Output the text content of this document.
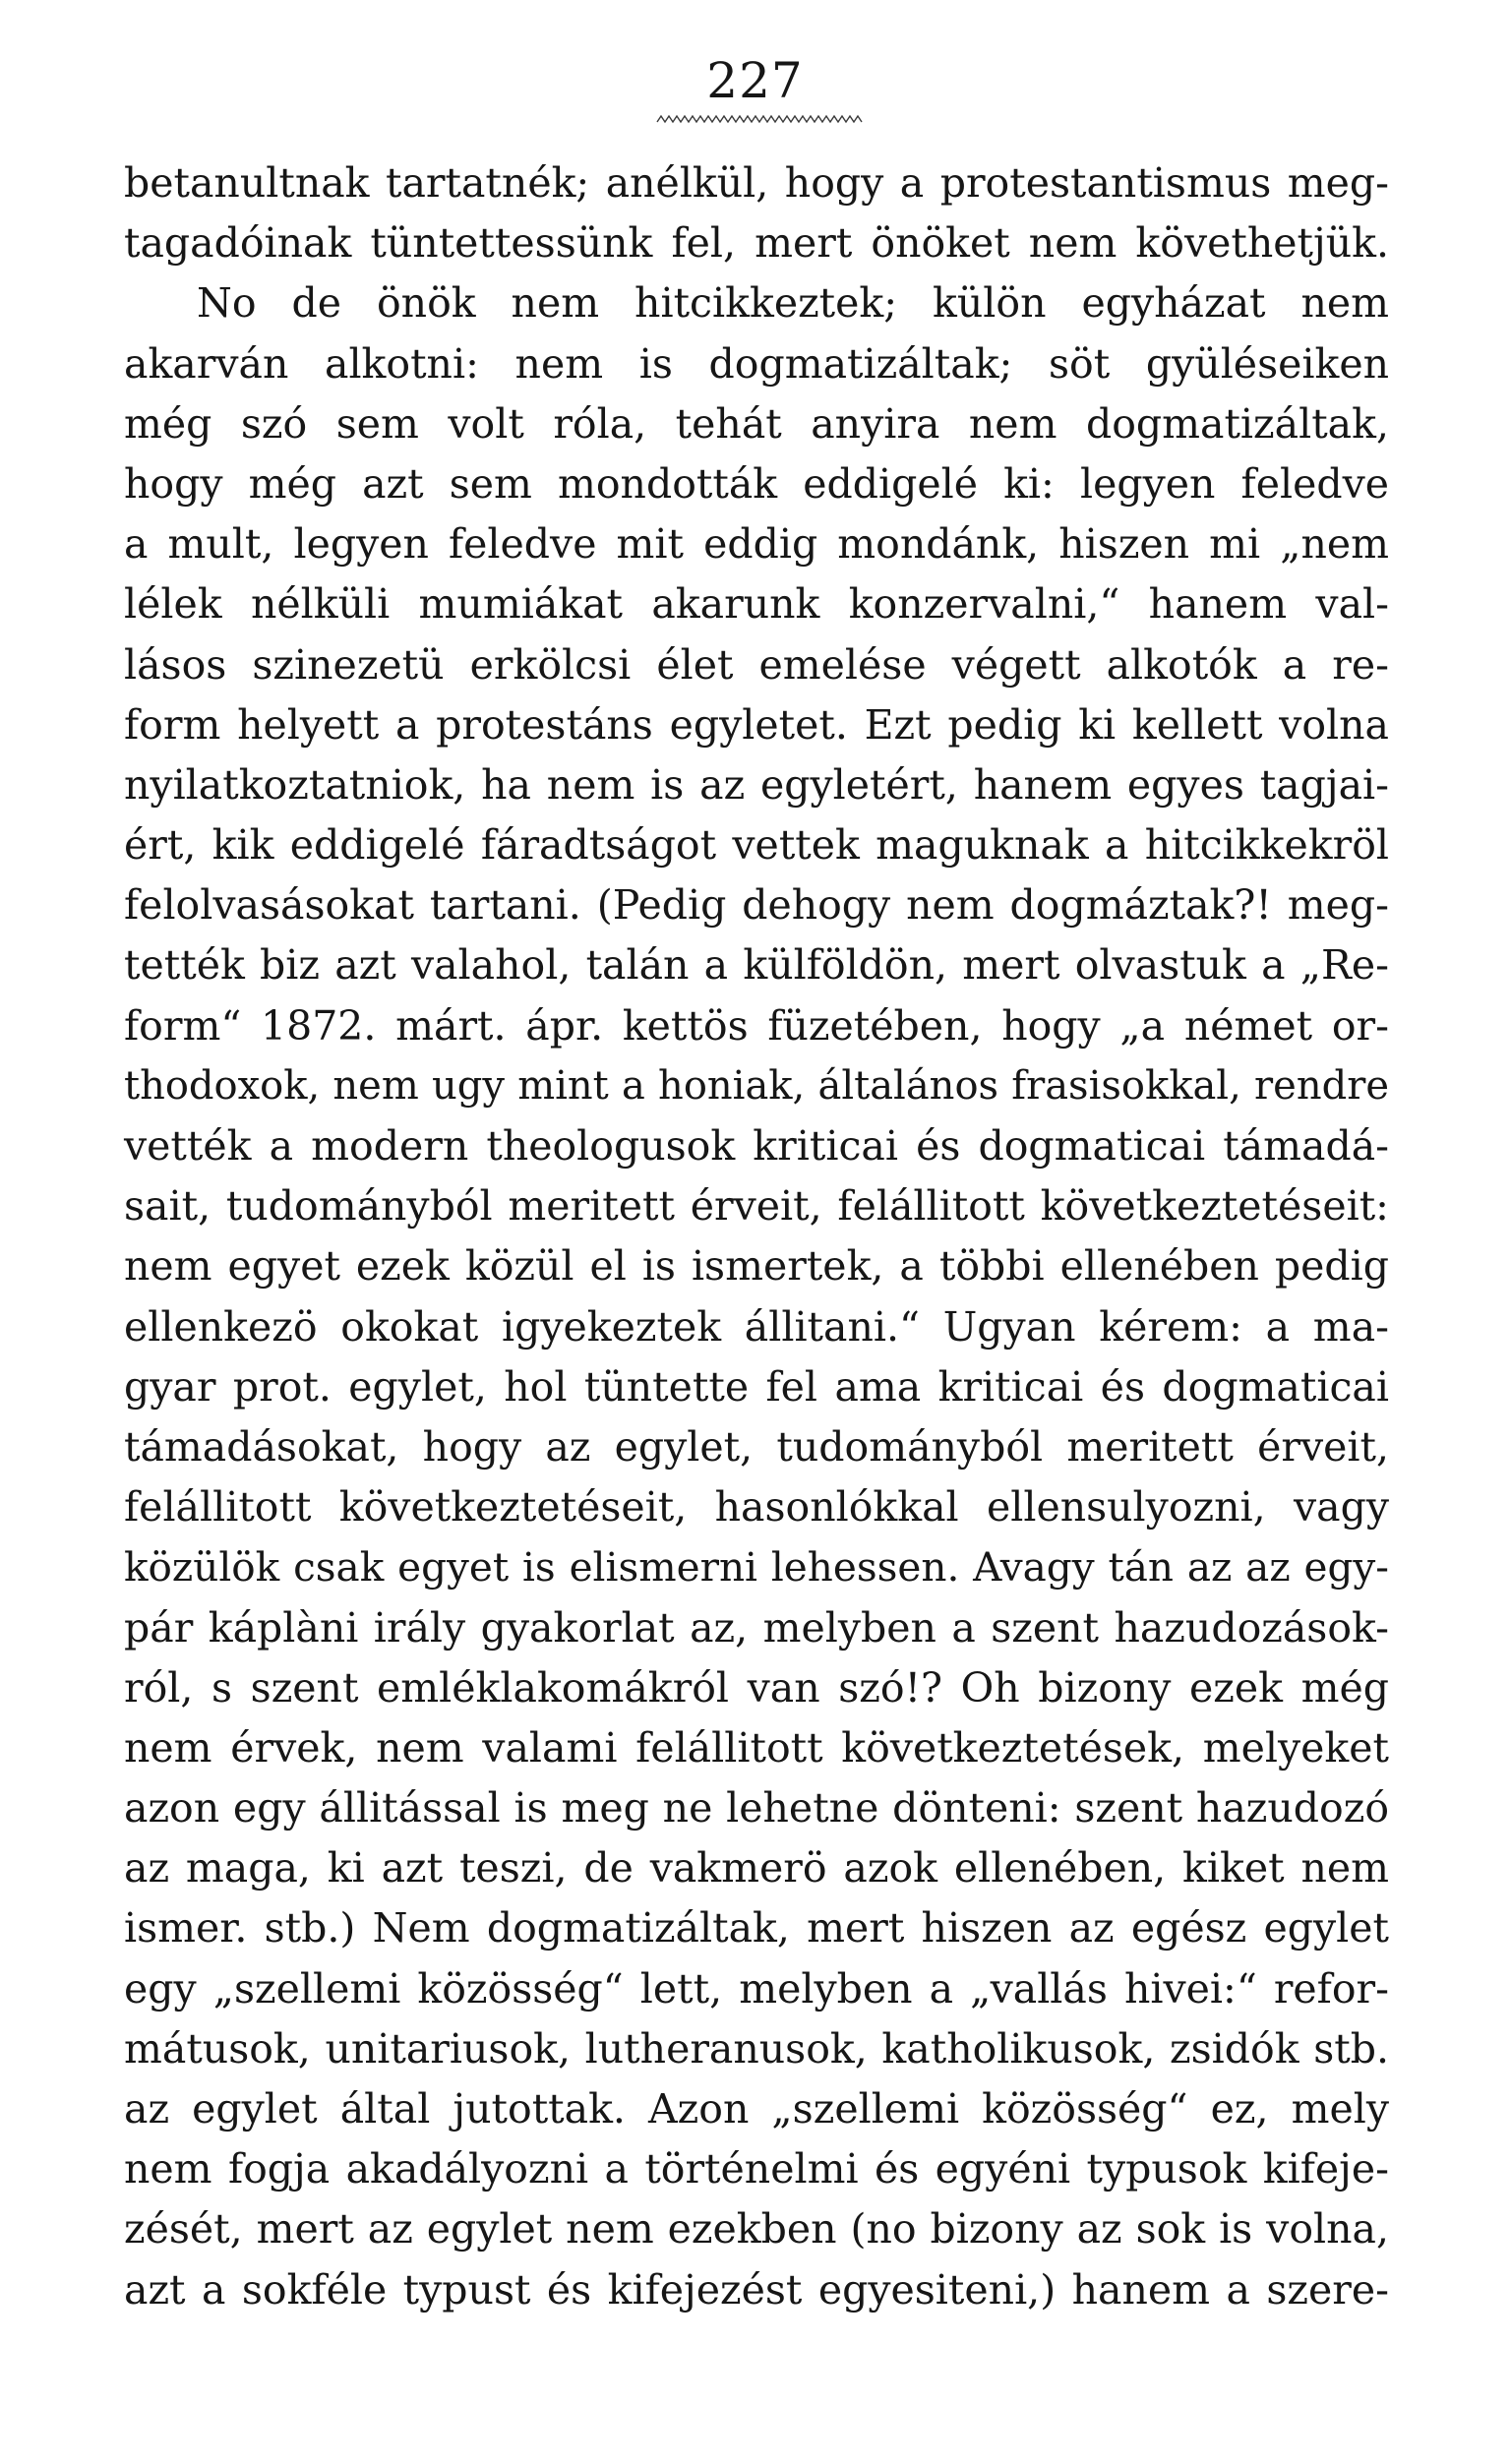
227
betanultnak tartatnék; anélkül, hogy a protestantismus meg-
tagadóinak tüntettessünk fel, mert önöket nem követhetjük.
No de önök nem hitcikkeztek; külön egyházat nem
akarván alkotni: nem is dogmatizáltak; söt gyüléseiken
még szó sem volt róla, tehát anyira nem dogmatizáltak,
hogy még azt sem mondották eddigelé ki: legyen feledve
a mult, legyen feledve mit eddig mondánk, hiszen mi „nem
lélek nélküli mumiákat akarunk konzervalni,“ hanem val-
lásos szinezetü erkölcsi élet emelése végett alkotók a re-
form helyett a protestáns egyletet. Ezt pedig ki kellett volna
nyilatkoztatniok, ha nem is az egyletért, hanem egyes tagjai-
ért, kik eddigelé fáradtságot vettek maguknak a hitcikkekröl
felolvasásokat tartani. (Pedig dehogy nem dogmáztak?! meg-
tették biz azt valahol, talán a külföldön, mert olvastuk a „Re-
form“ 1872. márt. ápr. kettös füzetében, hogy „a német or-
thodoxok, nem ugy mint a honiak, általános frasisokkal, rendre
vették a modern theologusok kriticai és dogmaticai támadá-
sait, tudományból meritett érveit, felállitott következtetéseit:
nem egyet ezek közül el is ismertek, a többi ellenében pedig
ellenkezö okokat igyekeztek állitani.“ Ugyan kérem: a ma-
gyar prot. egylet, hol tüntette fel ama kriticai és dogmaticai
támadásokat, hogy az egylet, tudományból meritett érveit,
felállitott következtetéseit, hasonlókkal ellensulyozni, vagy
közülök csak egyet is elismerni lehessen. Avagy tán az az egy-
pár káplàni irály gyakorlat az, melyben a szent hazudozások-
ról, s szent emléklakomákról van szó!? Oh bizony ezek még
nem érvek, nem valami felállitott következtetések, melyeket
azon egy állitással is meg ne lehetne dönteni: szent hazudozó
az maga, ki azt teszi, de vakmerö azok ellenében, kiket nem
ismer. stb.) Nem dogmatizáltak, mert hiszen az egész egylet
egy „szellemi közösség“ lett, melyben a „vallás hivei:“ refor-
mátusok, unitariusok, lutheranusok, katholikusok, zsidók stb.
az egylet által jutottak. Azon „szellemi közösség“ ez, mely
nem fogja akadályozni a történelmi és egyéni typusok kifeje-
zését, mert az egylet nem ezekben (no bizony az sok is volna,
azt a sokféle typust és kifejezést egyesiteni,) hanem a szere-
